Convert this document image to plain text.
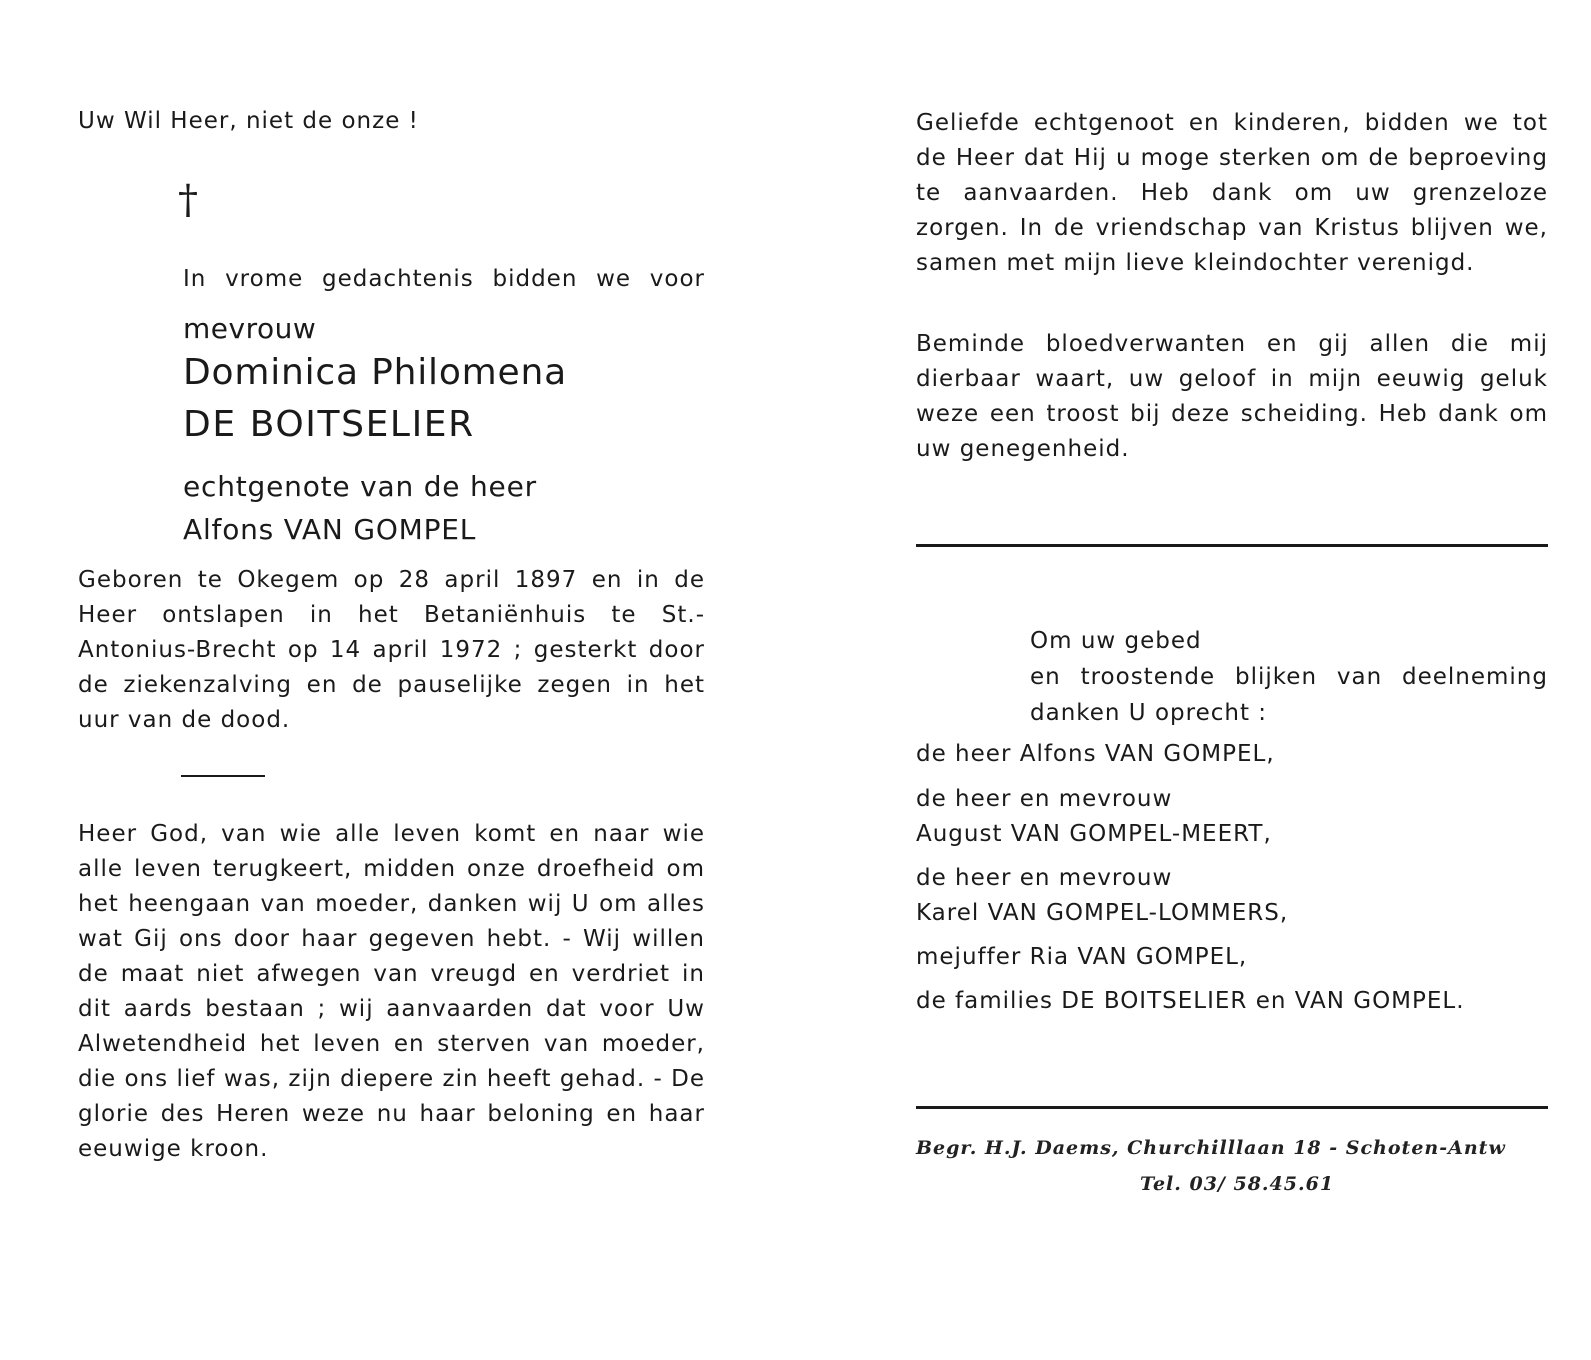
Uw Wil Heer, niet de onze !
†
In vrome gedachtenis bidden we voor
mevrouw
Dominica Philomena
DE BOITSELIER
echtgenote van de heer
Alfons VAN GOMPEL
Geboren te Okegem op 28 april 1897 en in de Heer ontslapen in het Betaniënhuis te St.-Antonius-Brecht op 14 april 1972 ; gesterkt door de ziekenzalving en de pauselijke zegen in het uur van de dood.
Heer God, van wie alle leven komt en naar wie alle leven terugkeert, midden onze droefheid om het heengaan van moeder, danken wij U om alles wat Gij ons door haar gegeven hebt. - Wij willen de maat niet afwegen van vreugd en verdriet in dit aards bestaan ; wij aanvaarden dat voor Uw Alwetendheid het leven en sterven van moeder, die ons lief was, zijn diepere zin heeft gehad. - De glorie des Heren weze nu haar beloning en haar eeuwige kroon.
Geliefde echtgenoot en kinderen, bidden we tot de Heer dat Hij u moge sterken om de beproeving te aanvaarden. Heb dank om uw grenzeloze zorgen. In de vriendschap van Kristus blijven we, samen met mijn lieve kleindochter verenigd.
Beminde bloedverwanten en gij allen die mij dierbaar waart, uw geloof in mijn eeuwig geluk weze een troost bij deze scheiding. Heb dank om uw genegenheid.
Om uw gebed
en troostende blijken van deelneming
danken U oprecht :
de heer Alfons VAN GOMPEL,
de heer en mevrouw
August VAN GOMPEL-MEERT,
de heer en mevrouw
Karel VAN GOMPEL-LOMMERS,
mejuffer Ria VAN GOMPEL,
de families DE BOITSELIER en VAN GOMPEL.
Begr. H.J. Daems, Churchilllaan 18 - Schoten-Antw
Tel. 03/ 58.45.61
